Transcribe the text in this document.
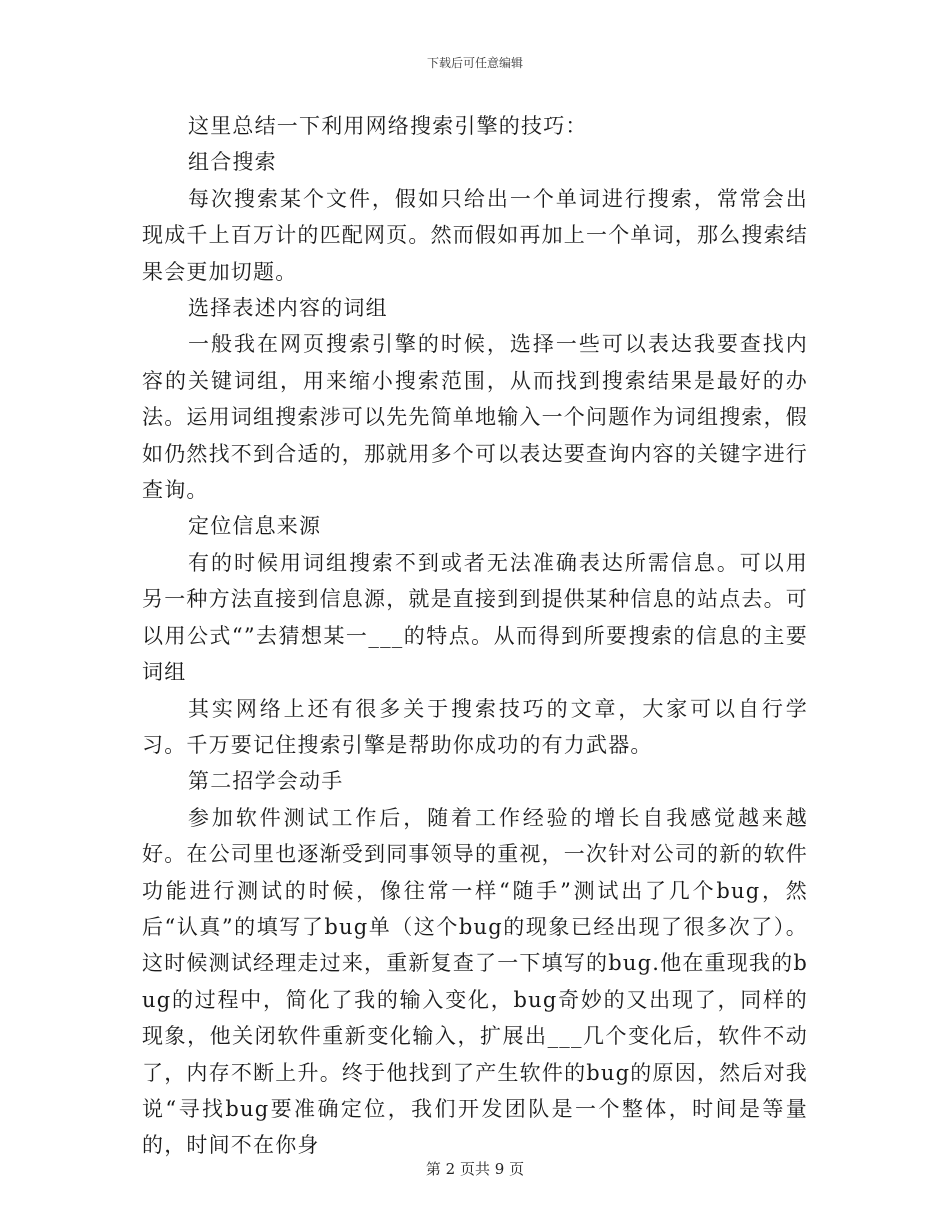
下载后可任意编辑

这里总结一下利用网络搜索引擎的技巧：

组合搜索

每次搜索某个文件，假如只给出一个单词进行搜索，常常会出现成千上百万计的匹配网页。然而假如再加上一个单词，那么搜索结果会更加切题。

选择表述内容的词组

一般我在网页搜索引擎的时候，选择一些可以表达我要查找内容的关键词组，用来缩小搜索范围，从而找到搜索结果是最好的办法。运用词组搜索涉可以先先简单地输入一个问题作为词组搜索，假如仍然找不到合适的，那就用多个可以表达要查询内容的关键字进行查询。

定位信息来源

有的时候用词组搜索不到或者无法准确表达所需信息。可以用另一种方法直接到信息源，就是直接到到提供某种信息的站点去。可以用公式“”去猜想某一___的特点。从而得到所要搜索的信息的主要词组

其实网络上还有很多关于搜索技巧的文章，大家可以自行学习。千万要记住搜索引擎是帮助你成功的有力武器。

第二招学会动手

参加软件测试工作后，随着工作经验的增长自我感觉越来越好。在公司里也逐渐受到同事领导的重视，一次针对公司的新的软件功能进行测试的时候，像往常一样“随手”测试出了几个bug，然后“认真”的填写了bug单（这个bug的现象已经出现了很多次了）。这时候测试经理走过来，重新复查了一下填写的bug.他在重现我的bug的过程中，简化了我的输入变化，bug奇妙的又出现了，同样的现象，他关闭软件重新变化输入，扩展出___几个变化后，软件不动了，内存不断上升。终于他找到了产生软件的bug的原因，然后对我说“寻找bug要准确定位，我们开发团队是一个整体，时间是等量的，时间不在你身

第 2 页共 9 页
